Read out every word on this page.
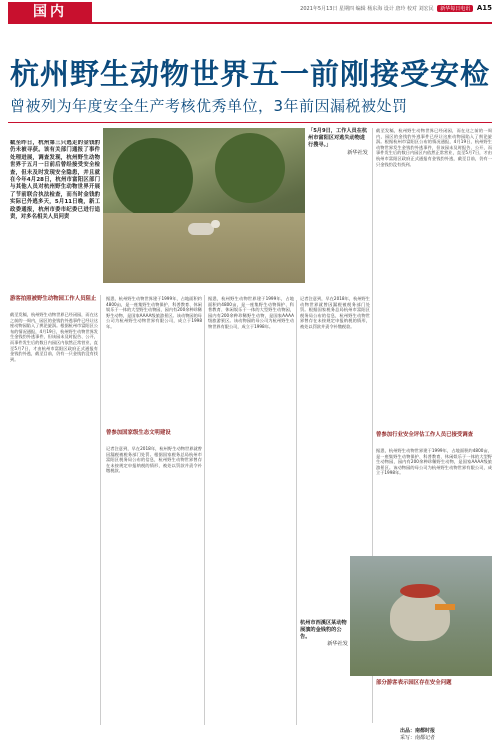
国内	2021年5月13日 星期四 编辑 杨东海 设计 唐玲 校对 刘宏民 新华每日电讯 A15
杭州野生动物世界五一前刚接受安检
曾被列为年度安全生产考核优秀单位，3年前因漏税被处罚
截至昨日，杭州第三只逃走的金钱豹仍未被寻获。该有关部门通报了事件处理进展，调查发现，杭州野生动物世界于五月一日前后曾经接受安全检查，但未及时发现安全隐患，并且就在今年4月28日，杭州市富阳区部门与其他人员对杭州野生动物世界开展了节前联合执法检查，而当时金钱豹实际已外逃多天，5月11日晚，新工政委通报，杭州市委市纪委已进行追责，对多名相关人员问责
「5月9日，工作人员在杭州市富阳区对逃失动物进行搜寻。」
新华社发
游客拍照被野生动物园工作人员阻止
截至发稿，杭州野生动物世界已经闭园，而在这之前的一周内，园区的金钱豹外逃事件已经让这座动物园陷入了舆论旋涡。根据杭州市富阳区公布的情况通报，4月19日，杭州野生动物世界发生金钱豹外逃事件，但该园未及时报告、公开，而事件发生后的数日内园区内依然正常营业，直至5月7日，才由杭州市富阳区政府正式通报有金钱豹外逃，截至目前，仍有一只金钱豹没有找到。
据悉，杭州野生动物世界建于1999年，占地面积约4800亩，是一座集野生动物保护、科普教育、休闲娱乐于一体的大型野生动物园，园内有200余种珍稀野生动物，是国家AAAA级旅游景区。该动物园的母公司为杭州野生动物世界有限公司，成立于1998年。
曾参加国家级生态文明建设
记者注意到，早在2018年，杭州野生动物世界就曾因漏税被税务部门处罚。根据国家税务总局杭州市富阳区税务局公布的信息，杭州野生动物世界曾存在未按规定申报纳税的情形，被处以罚款并责令补缴税款。
据悉，杭州野生动物世界建于1999年，占地面积约4800亩，是一座集野生动物保护、科普教育、休闲娱乐于一体的大型野生动物园，园内有200余种珍稀野生动物，是国家AAAA级旅游景区。该动物园的母公司为杭州野生动物世界有限公司，成立于1998年。
记者注意到，早在2018年，杭州野生动物世界就曾因漏税被税务部门处罚。根据国家税务总局杭州市富阳区税务局公布的信息，杭州野生动物世界曾存在未按规定申报纳税的情形，被处以罚款并责令补缴税款。
截至发稿，杭州野生动物世界已经闭园，而在这之前的一周内，园区的金钱豹外逃事件已经让这座动物园陷入了舆论旋涡。根据杭州市富阳区公布的情况通报，4月19日，杭州野生动物世界发生金钱豹外逃事件，但该园未及时报告、公开，而事件发生后的数日内园区内依然正常营业，直至5月7日，才由杭州市富阳区政府正式通报有金钱豹外逃，截至目前，仍有一只金钱豹没有找到。
曾参加行业安全评估工作人员已接受调查
据悉，杭州野生动物世界建于1999年，占地面积约4800亩，是一座集野生动物保护、科普教育、休闲娱乐于一体的大型野生动物园，园内有200余种珍稀野生动物，是国家AAAA级旅游景区。该动物园的母公司为杭州野生动物世界有限公司，成立于1998年。
杭州市西溪区某动物展演的金钱豹的公告。
新华社发
部分游客表示园区存在安全问题
出品：南都时报
采写：南都记者
